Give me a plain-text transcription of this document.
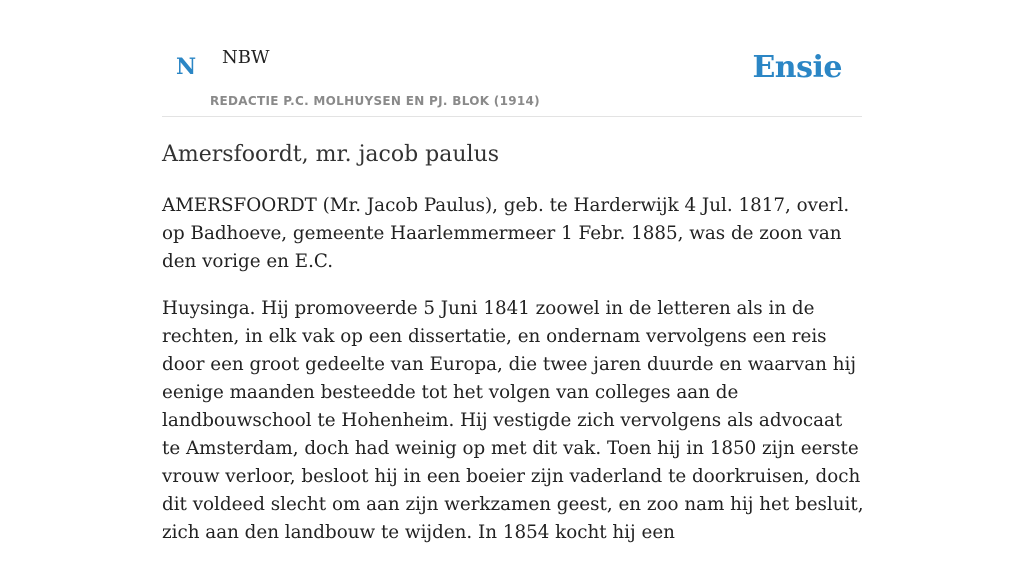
N NBW
REDACTIE P.C. MOLHUYSEN EN PJ. BLOK (1914)
Ensie
Amersfoordt, mr. jacob paulus

AMERSFOORDT (Mr. Jacob Paulus), geb. te Harderwijk 4 Jul. 1817, overl. op Badhoeve, gemeente Haarlemmermeer 1 Febr. 1885, was de zoon van den vorige en E.C.

Huysinga. Hij promoveerde 5 Juni 1841 zoowel in de letteren als in de rechten, in elk vak op een dissertatie, en ondernam vervolgens een reis door een groot gedeelte van Europa, die twee jaren duurde en waarvan hij eenige maanden besteedde tot het volgen van colleges aan de landbouwschool te Hohenheim. Hij vestigde zich vervolgens als advocaat te Amsterdam, doch had weinig op met dit vak. Toen hij in 1850 zijn eerste vrouw verloor, besloot hij in een boeier zijn vaderland te doorkruisen, doch dit voldeed slecht om aan zijn werkzamen geest, en zoo nam hij het besluit, zich aan den landbouw te wijden. In 1854 kocht hij een
